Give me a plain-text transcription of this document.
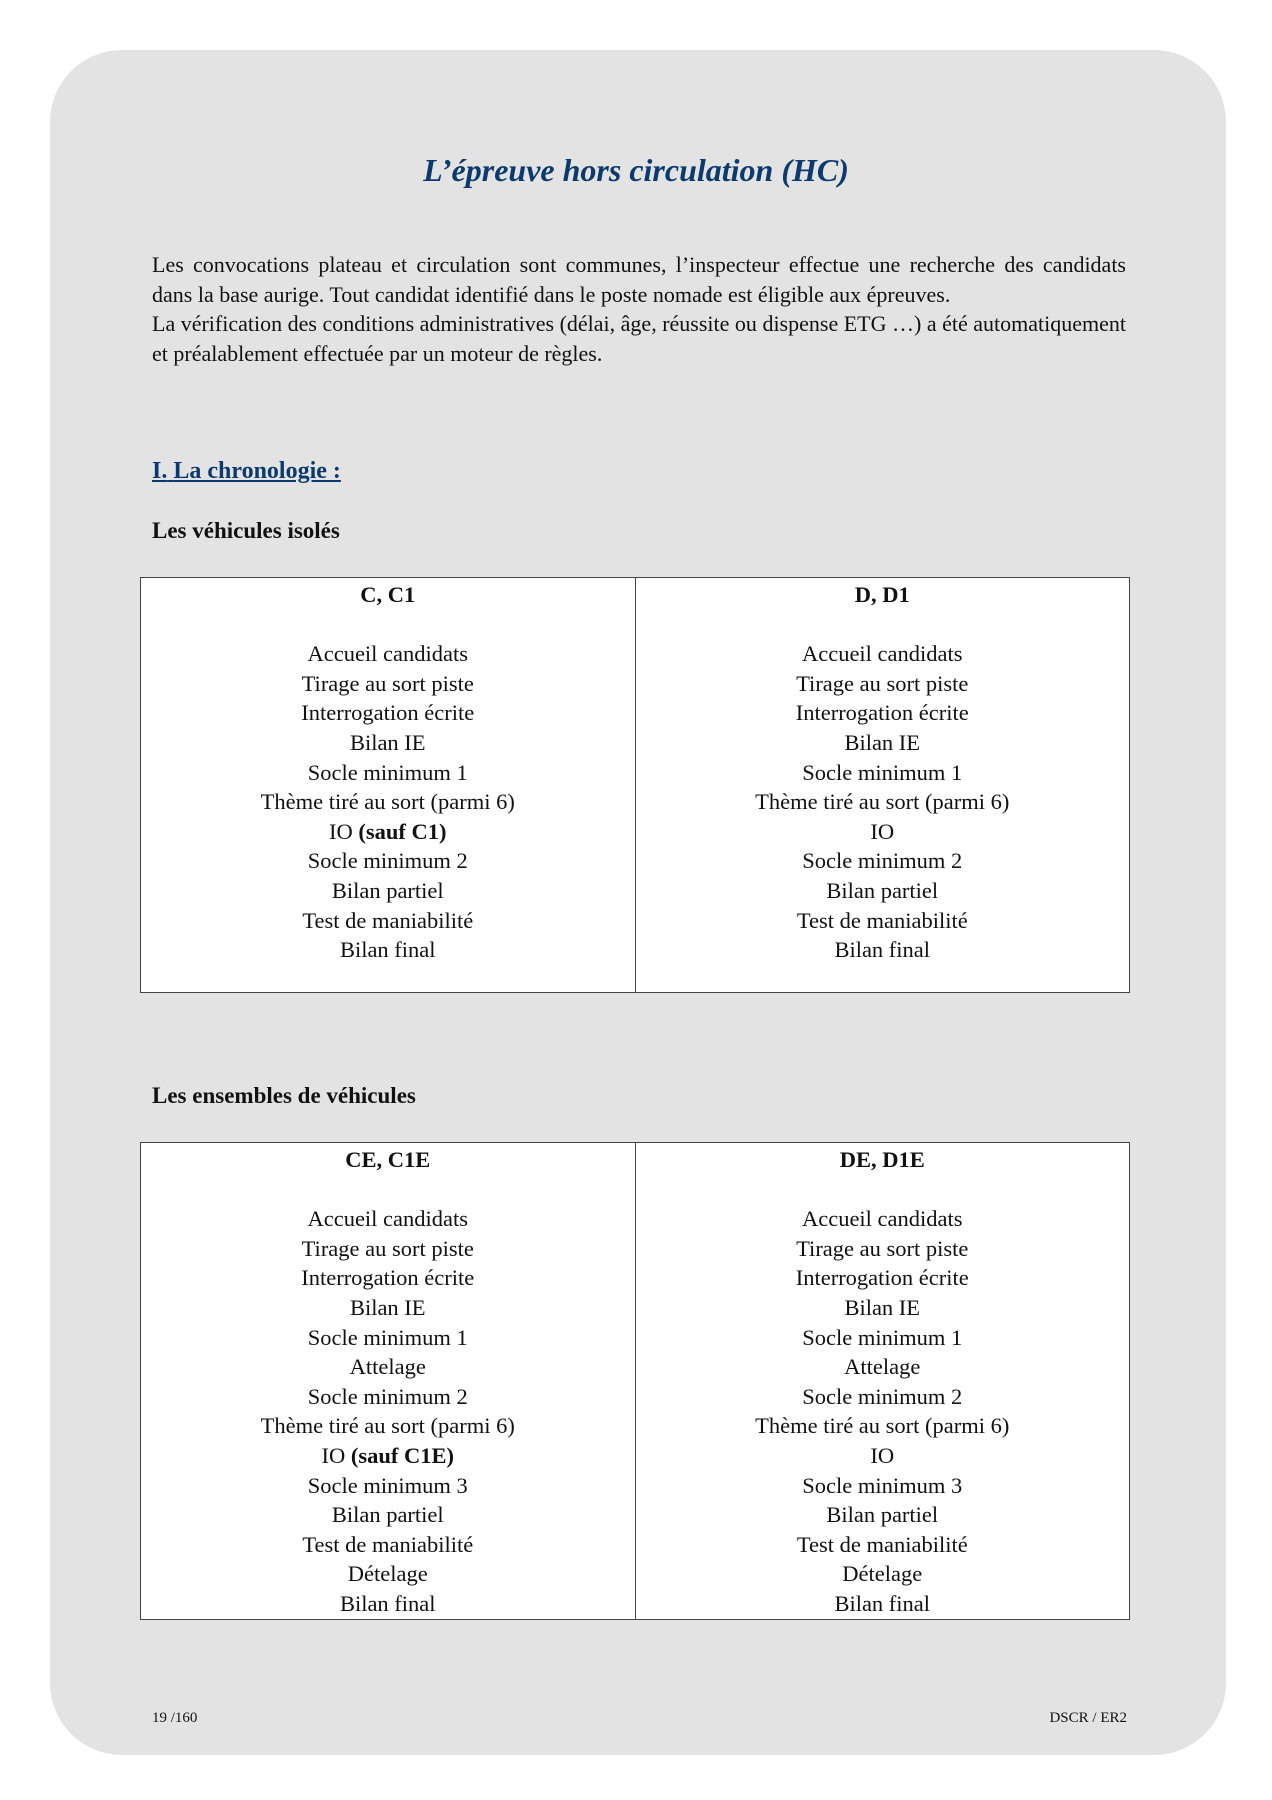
L’épreuve hors circulation (HC)

Les convocations plateau et circulation sont communes, l’inspecteur effectue une recherche des candidats dans la base aurige. Tout candidat identifié dans le poste nomade est éligible aux épreuves.

La vérification des conditions administratives (délai, âge, réussite ou dispense ETG …) a été automatiquement et préalablement effectuée par un moteur de règles.

I. La chronologie :
Les véhicules isolés
C, C1
Accueil candidats
Tirage au sort piste
Interrogation écrite
Bilan IE
Socle minimum 1
Thème tiré au sort (parmi 6)
IO (sauf C1)
Socle minimum 2
Bilan partiel
Test de maniabilité
Bilan final

D, D1
Accueil candidats
Tirage au sort piste
Interrogation écrite
Bilan IE
Socle minimum 1
Thème tiré au sort (parmi 6)
IO
Socle minimum 2
Bilan partiel
Test de maniabilité
Bilan final
Les ensembles de véhicules
CE, C1E
Accueil candidats
Tirage au sort piste
Interrogation écrite
Bilan IE
Socle minimum 1
Attelage
Socle minimum 2
Thème tiré au sort (parmi 6)
IO (sauf C1E)
Socle minimum 3
Bilan partiel
Test de maniabilité
Dételage
Bilan final

DE, D1E
Accueil candidats
Tirage au sort piste
Interrogation écrite
Bilan IE
Socle minimum 1
Attelage
Socle minimum 2
Thème tiré au sort (parmi 6)
IO
Socle minimum 3
Bilan partiel
Test de maniabilité
Dételage
Bilan final

19 /160	DSCR / ER2
